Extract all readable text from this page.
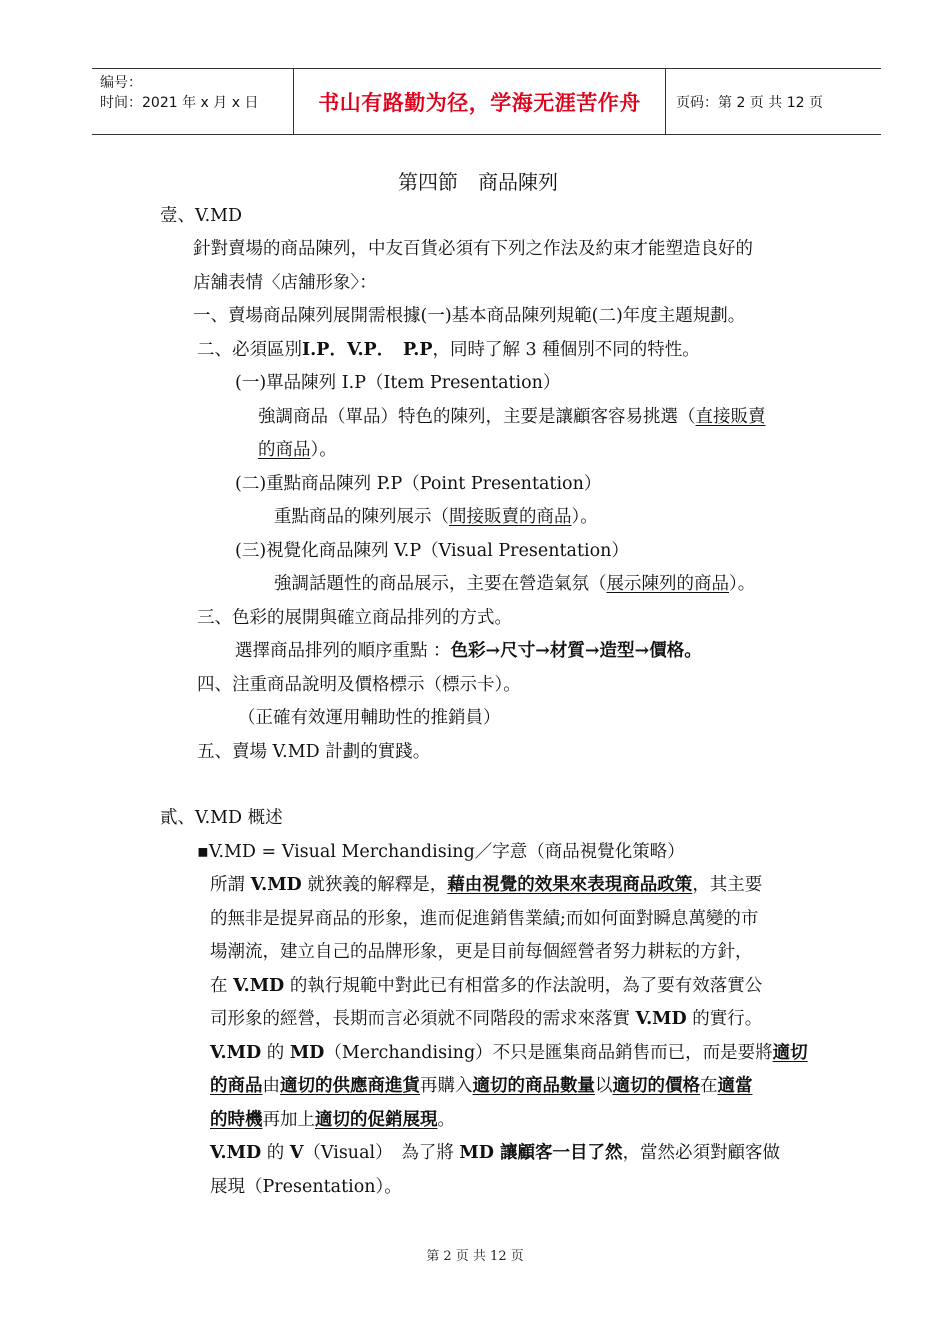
编号：
时间：2021 年 x 月 x 日	书山有路勤为径，学海无涯苦作舟	页码：第 2 页 共 12 页
第四節　商品陳列
壹、V.MD
針對賣場的商品陳列，中友百貨必須有下列之作法及約束才能塑造良好的
店舖表情〈店舖形象〉：
一、賣場商品陳列展開需根據(一)基本商品陳列規範(二)年度主題規劃。
二、必須區別I.P．V.P．　 P.P，同時了解 3 種個別不同的特性。
(一)單品陳列 I.P（Item Presentation）
強調商品（單品）特色的陳列，主要是讓顧客容易挑選（直接販賣
的商品）。
(二)重點商品陳列 P.P（Point Presentation）
重點商品的陳列展示（間接販賣的商品）。
(三)視覺化商品陳列 V.P（Visual Presentation）
強調話題性的商品展示，主要在營造氣氛（展示陳列的商品）。
三、色彩的展開與確立商品排列的方式。
選擇商品排列的順序重點 ：色彩→尺寸→材質→造型→價格。
四、注重商品說明及價格標示（標示卡）。
（正確有效運用輔助性的推銷員）
五、賣場 V.MD 計劃的實踐。
貳、V.MD 概述
▪V.MD = Visual Merchandising／字意（商品視覺化策略）
所謂 V.MD 就狹義的解釋是，藉由視覺的效果來表現商品政策，其主要
的無非是提昇商品的形象，進而促進銷售業績;而如何面對瞬息萬變的市
場潮流，建立自己的品牌形象，更是目前每個經營者努力耕耘的方針，
在 V.MD 的執行規範中對此已有相當多的作法說明，為了要有效落實公
司形象的經營，長期而言必須就不同階段的需求來落實 V.MD 的實行。
V.MD 的 MD（Merchandising）不只是匯集商品銷售而已，而是要將適切
的商品由適切的供應商進貨再購入適切的商品數量以適切的價格在適當
的時機再加上適切的促銷展現。
V.MD 的 V（Visual）　為了將 MD 讓顧客一目了然，當然必須對顧客做
展現（Presentation）。
第 2 页 共 12 页
